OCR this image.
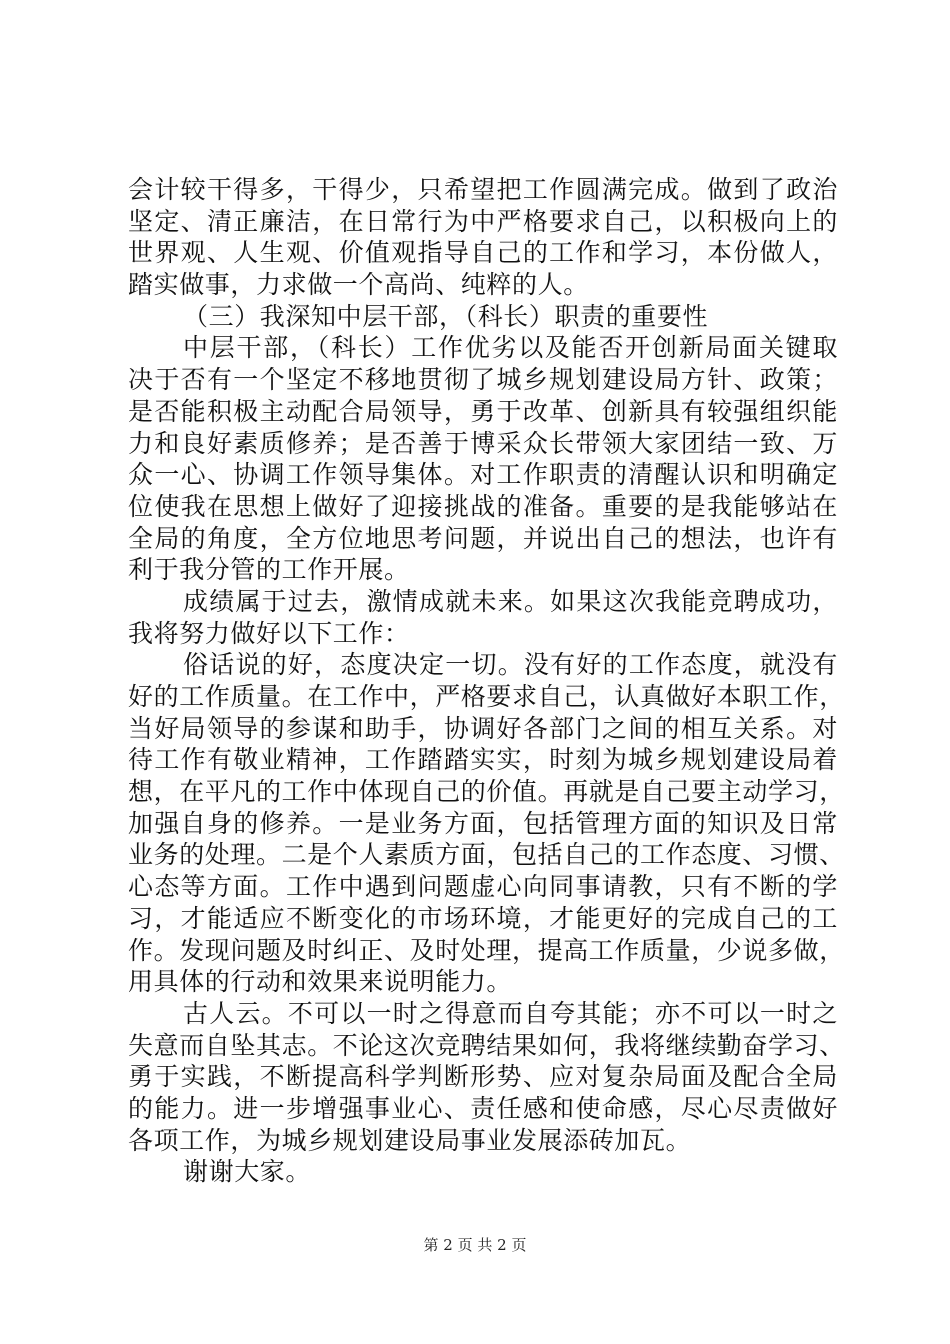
会计较干得多，干得少，只希望把工作圆满完成。做到了政治
坚定、清正廉洁，在日常行为中严格要求自己，以积极向上的
世界观、人生观、价值观指导自己的工作和学习，本份做人，
踏实做事，力求做一个高尚、纯粹的人。
（三）我深知中层干部，（科长）职责的重要性
中层干部，（科长）工作优劣以及能否开创新局面关键取
决于否有一个坚定不移地贯彻了城乡规划建设局方针、政策；
是否能积极主动配合局领导，勇于改革、创新具有较强组织能
力和良好素质修养；是否善于博采众长带领大家团结一致、万
众一心、协调工作领导集体。对工作职责的清醒认识和明确定
位使我在思想上做好了迎接挑战的准备。重要的是我能够站在
全局的角度，全方位地思考问题，并说出自己的想法，也许有
利于我分管的工作开展。
成绩属于过去，激情成就未来。如果这次我能竞聘成功，
我将努力做好以下工作：
俗话说的好，态度决定一切。没有好的工作态度，就没有
好的工作质量。在工作中，严格要求自己，认真做好本职工作，
当好局领导的参谋和助手，协调好各部门之间的相互关系。对
待工作有敬业精神，工作踏踏实实，时刻为城乡规划建设局着
想，在平凡的工作中体现自己的价值。再就是自己要主动学习，
加强自身的修养。一是业务方面，包括管理方面的知识及日常
业务的处理。二是个人素质方面，包括自己的工作态度、习惯、
心态等方面。工作中遇到问题虚心向同事请教，只有不断的学
习，才能适应不断变化的市场环境，才能更好的完成自己的工
作。发现问题及时纠正、及时处理，提高工作质量，少说多做，
用具体的行动和效果来说明能力。
古人云。不可以一时之得意而自夸其能；亦不可以一时之
失意而自坠其志。不论这次竞聘结果如何，我将继续勤奋学习、
勇于实践，不断提高科学判断形势、应对复杂局面及配合全局
的能力。进一步增强事业心、责任感和使命感，尽心尽责做好
各项工作，为城乡规划建设局事业发展添砖加瓦。
谢谢大家。
第 2 页 共 2 页
